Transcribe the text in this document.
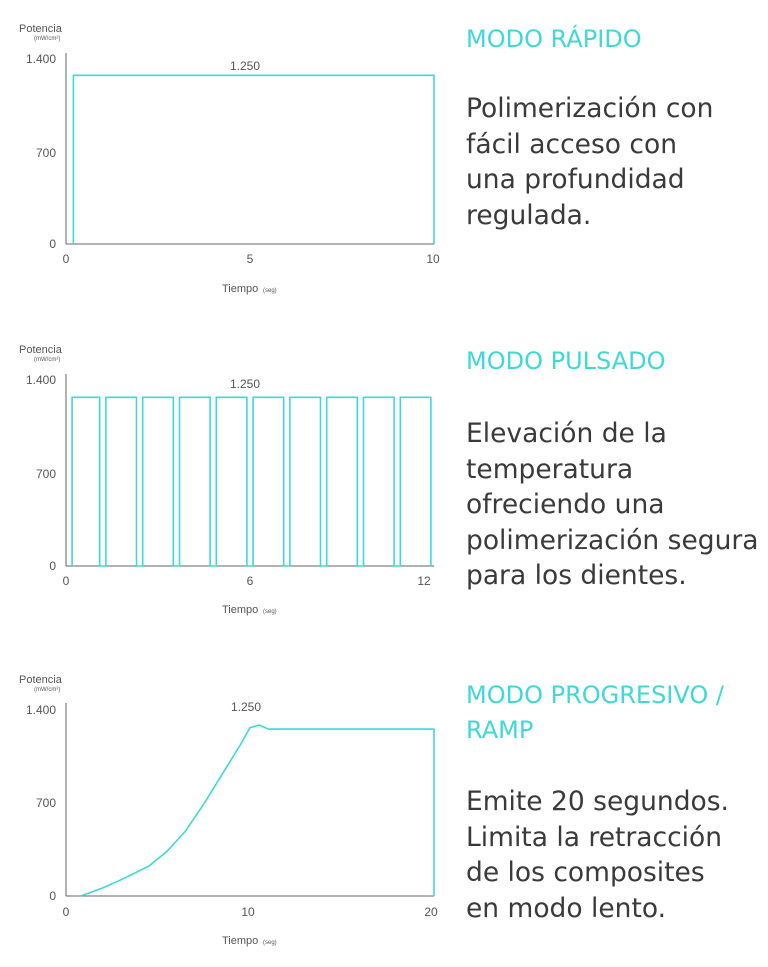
Potencia
(mW/cm²)
1.400
700
0
0	5	10
Tiempo (seg)
1.250
MODO RÁPIDO
Polimerización con
fácil acceso con
una profundidad
regulada.
Potencia
(mW/cm²)
1.400
700
0
0	6	12
Tiempo (seg)
1.250
MODO PULSADO
Elevación de la
temperatura
ofreciendo una
polimerización segura
para los dientes.
Potencia
(mW/cm²)
1.400
700
0
0	10	20
Tiempo (seg)
1.250	MODO PROGRESIVO /
RAMP
Emite 20 segundos.
Limita la retracción
de los composites
en modo lento.
